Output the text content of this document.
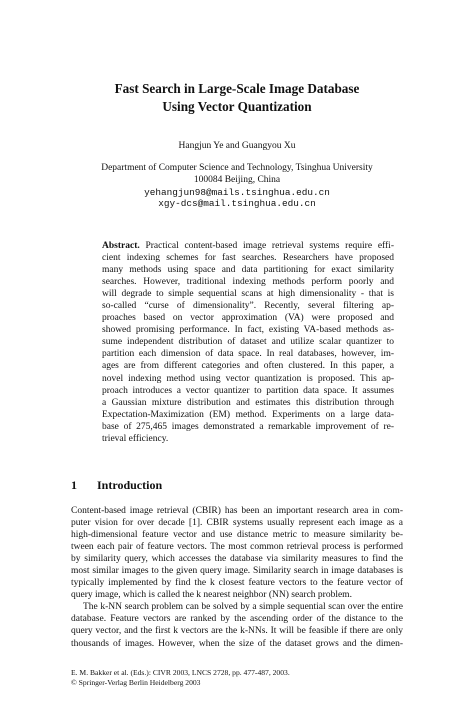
Fast Search in Large-Scale Image Database
Using Vector Quantization
Hangjun Ye and Guangyou Xu
Department of Computer Science and Technology, Tsinghua University
100084 Beijing, China
yehangjun98@mails.tsinghua.edu.cn
xgy-dcs@mail.tsinghua.edu.cn
Abstract. Practical content-based image retrieval systems require effi-
cient indexing schemes for fast searches. Researchers have proposed
many methods using space and data partitioning for exact similarity
searches. However, traditional indexing methods perform poorly and
will degrade to simple sequential scans at high dimensionality - that is
so-called “curse of dimensionality”. Recently, several filtering ap-
proaches based on vector approximation (VA) were proposed and
showed promising performance. In fact, existing VA-based methods as-
sume independent distribution of dataset and utilize scalar quantizer to
partition each dimension of data space. In real databases, however, im-
ages are from different categories and often clustered. In this paper, a
novel indexing method using vector quantization is proposed. This ap-
proach introduces a vector quantizer to partition data space. It assumes
a Gaussian mixture distribution and estimates this distribution through
Expectation-Maximization (EM) method. Experiments on a large data-
base of 275,465 images demonstrated a remarkable improvement of re-
trieval efficiency.
1 Introduction
Content-based image retrieval (CBIR) has been an important research area in com-
puter vision for over decade [1]. CBIR systems usually represent each image as a
high-dimensional feature vector and use distance metric to measure similarity be-
tween each pair of feature vectors. The most common retrieval process is performed
by similarity query, which accesses the database via similarity measures to find the
most similar images to the given query image. Similarity search in image databases is
typically implemented by find the k closest feature vectors to the feature vector of
query image, which is called the k nearest neighbor (NN) search problem.
The k-NN search problem can be solved by a simple sequential scan over the entire
database. Feature vectors are ranked by the ascending order of the distance to the
query vector, and the first k vectors are the k-NNs. It will be feasible if there are only
thousands of images. However, when the size of the dataset grows and the dimen-
E. M. Bakker et al. (Eds.): CIVR 2003, LNCS 2728, pp. 477-487, 2003.
© Springer-Verlag Berlin Heidelberg 2003
